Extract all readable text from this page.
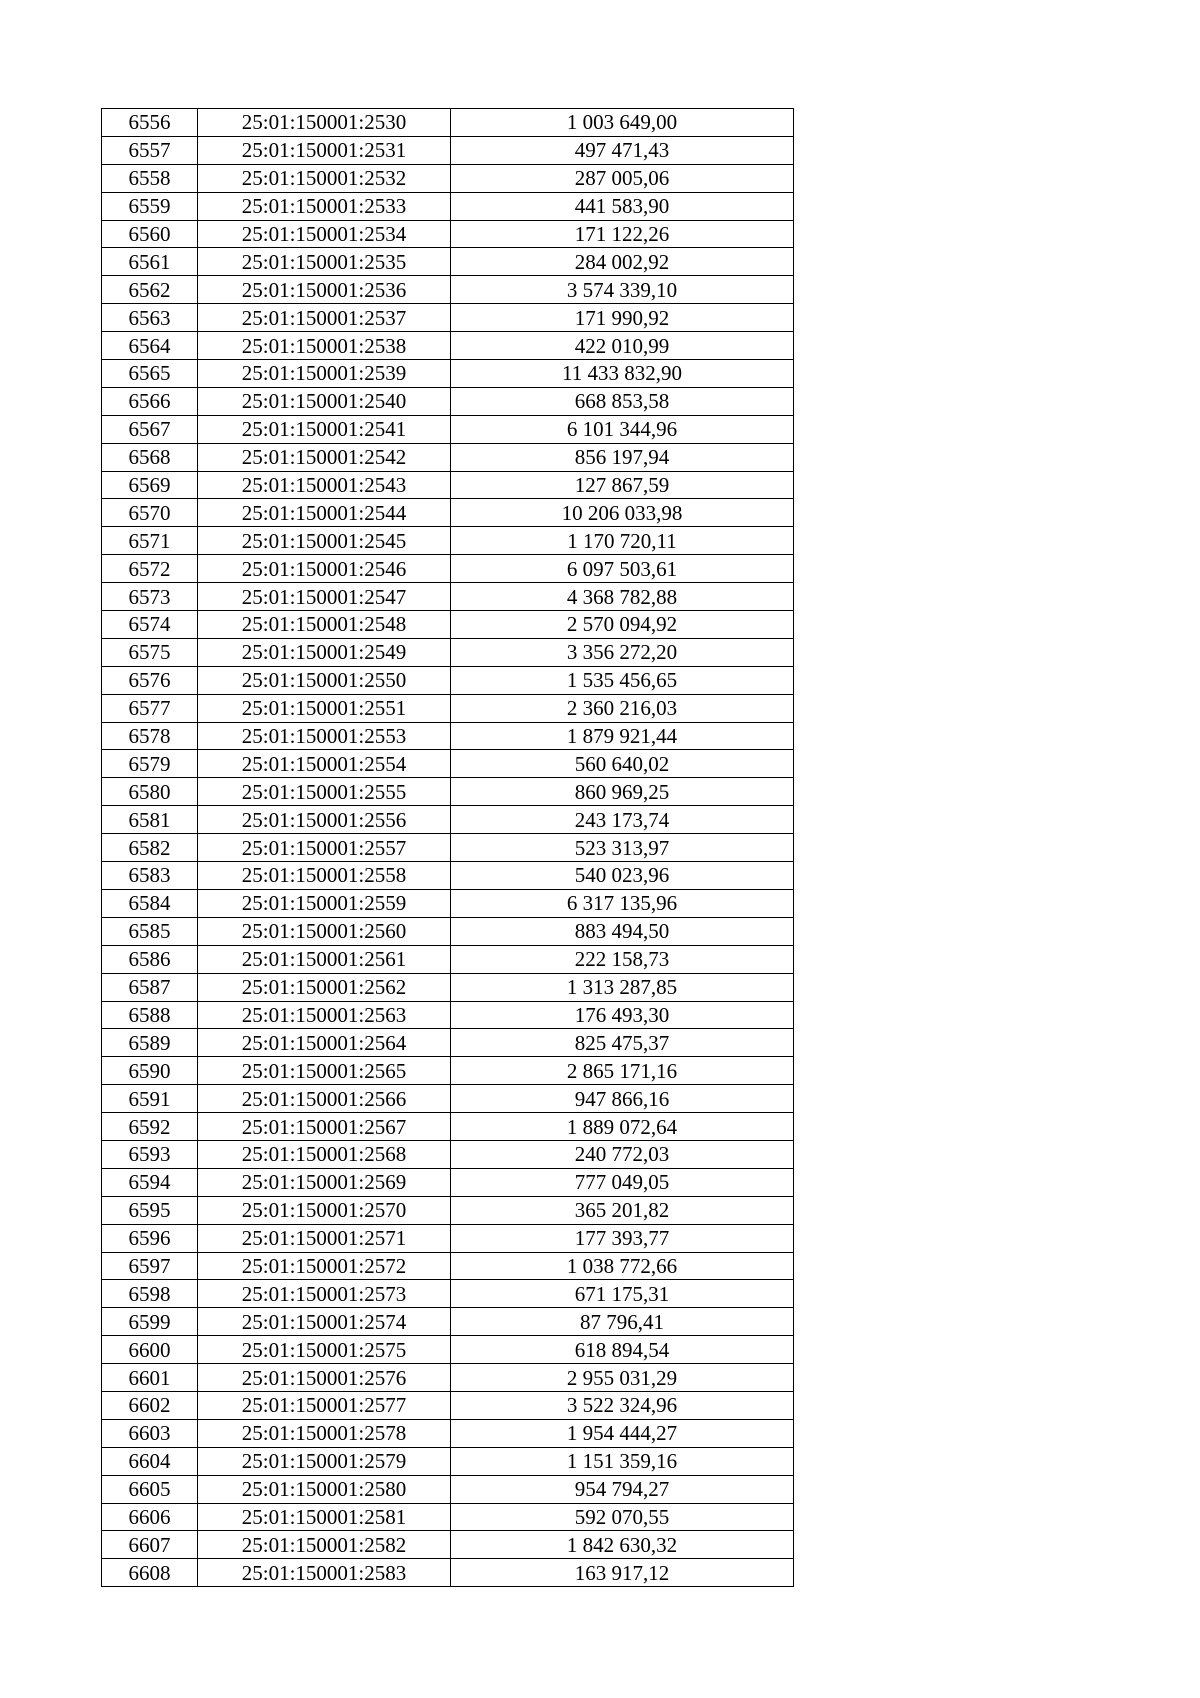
6556	25:01:150001:2530	1 003 649,00
6557	25:01:150001:2531	497 471,43
6558	25:01:150001:2532	287 005,06
6559	25:01:150001:2533	441 583,90
6560	25:01:150001:2534	171 122,26
6561	25:01:150001:2535	284 002,92
6562	25:01:150001:2536	3 574 339,10
6563	25:01:150001:2537	171 990,92
6564	25:01:150001:2538	422 010,99
6565	25:01:150001:2539	11 433 832,90
6566	25:01:150001:2540	668 853,58
6567	25:01:150001:2541	6 101 344,96
6568	25:01:150001:2542	856 197,94
6569	25:01:150001:2543	127 867,59
6570	25:01:150001:2544	10 206 033,98
6571	25:01:150001:2545	1 170 720,11
6572	25:01:150001:2546	6 097 503,61
6573	25:01:150001:2547	4 368 782,88
6574	25:01:150001:2548	2 570 094,92
6575	25:01:150001:2549	3 356 272,20
6576	25:01:150001:2550	1 535 456,65
6577	25:01:150001:2551	2 360 216,03
6578	25:01:150001:2553	1 879 921,44
6579	25:01:150001:2554	560 640,02
6580	25:01:150001:2555	860 969,25
6581	25:01:150001:2556	243 173,74
6582	25:01:150001:2557	523 313,97
6583	25:01:150001:2558	540 023,96
6584	25:01:150001:2559	6 317 135,96
6585	25:01:150001:2560	883 494,50
6586	25:01:150001:2561	222 158,73
6587	25:01:150001:2562	1 313 287,85
6588	25:01:150001:2563	176 493,30
6589	25:01:150001:2564	825 475,37
6590	25:01:150001:2565	2 865 171,16
6591	25:01:150001:2566	947 866,16
6592	25:01:150001:2567	1 889 072,64
6593	25:01:150001:2568	240 772,03
6594	25:01:150001:2569	777 049,05
6595	25:01:150001:2570	365 201,82
6596	25:01:150001:2571	177 393,77
6597	25:01:150001:2572	1 038 772,66
6598	25:01:150001:2573	671 175,31
6599	25:01:150001:2574	87 796,41
6600	25:01:150001:2575	618 894,54
6601	25:01:150001:2576	2 955 031,29
6602	25:01:150001:2577	3 522 324,96
6603	25:01:150001:2578	1 954 444,27
6604	25:01:150001:2579	1 151 359,16
6605	25:01:150001:2580	954 794,27
6606	25:01:150001:2581	592 070,55
6607	25:01:150001:2582	1 842 630,32
6608	25:01:150001:2583	163 917,12
